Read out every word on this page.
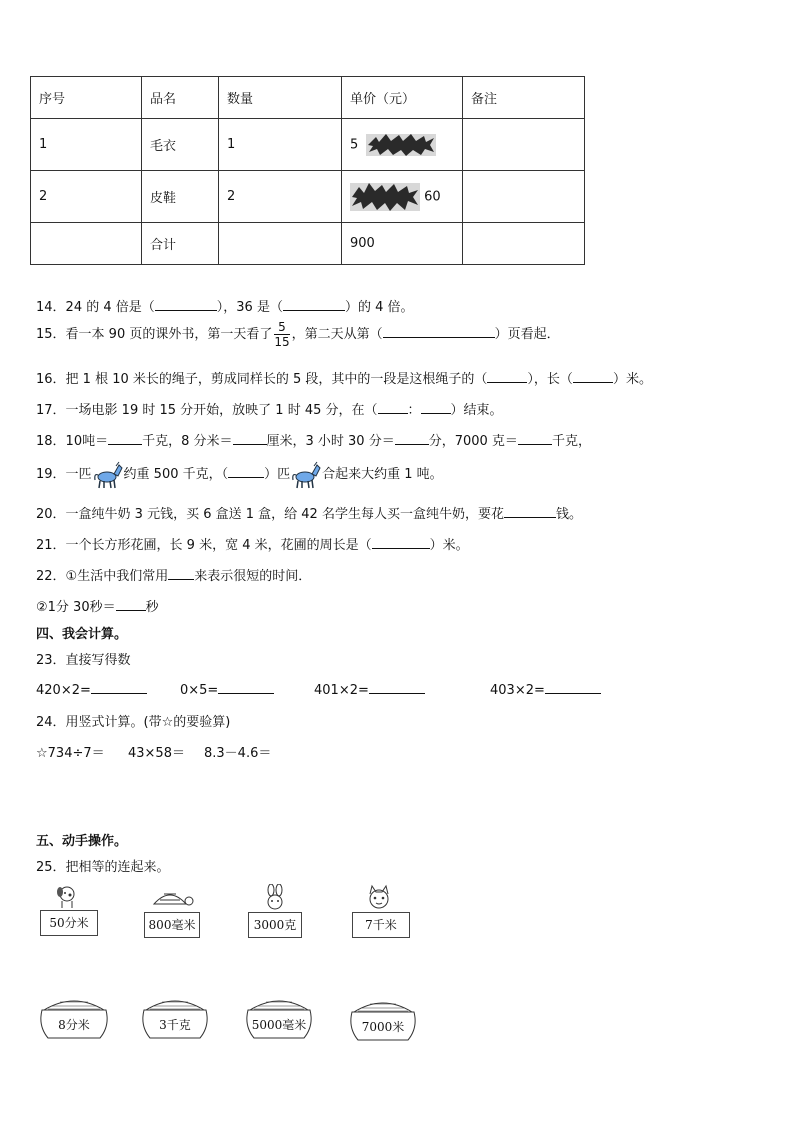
序号	品名	数量	单价（元）	备注
1	毛衣	1	5	
2	皮鞋	2	60	
	合计		900	
14．24 的 4 倍是（	），36 是（	）的 4 倍。
15．看一本 90 页的课外书，第一天看了 $\frac{5}{15}$ ，第二天从第（	）页看起．
16．把 1 根 10 米长的绳子，剪成同样长的 5 段，其中的一段是这根绳子的（	），长（	）米。
17．一场电影 19 时 15 分开始，放映了 1 时 45 分，在（ ： ）结束。
18．10吨＝	千克，8 分米＝	厘米，3 小时 30 分＝	分，7000 克＝	千克，
19．一匹 约重 500 千克，（	）匹 合起来大约重 1 吨。
20．一盒纯牛奶 3 元钱，买 6 盒送 1 盒，给 42 名学生每人买一盒纯牛奶，要花	钱。
21．一个长方形花圃，长 9 米，宽 4 米，花圃的周长是（	）米。
22．①生活中我们常用 来表示很短的时间．
②1分 30秒＝ 秒
四、我会计算。
23．直接写得数
420×2=	0×5=	401×2=	403×2=
24．用竖式计算。(带☆的要验算)
☆734÷7＝ 43×58＝ 8.3－4.6＝
五、动手操作。
25．把相等的连起来。
50分米	800毫米	3000克	7千米
8分米	3千克	5000毫米	7000米
